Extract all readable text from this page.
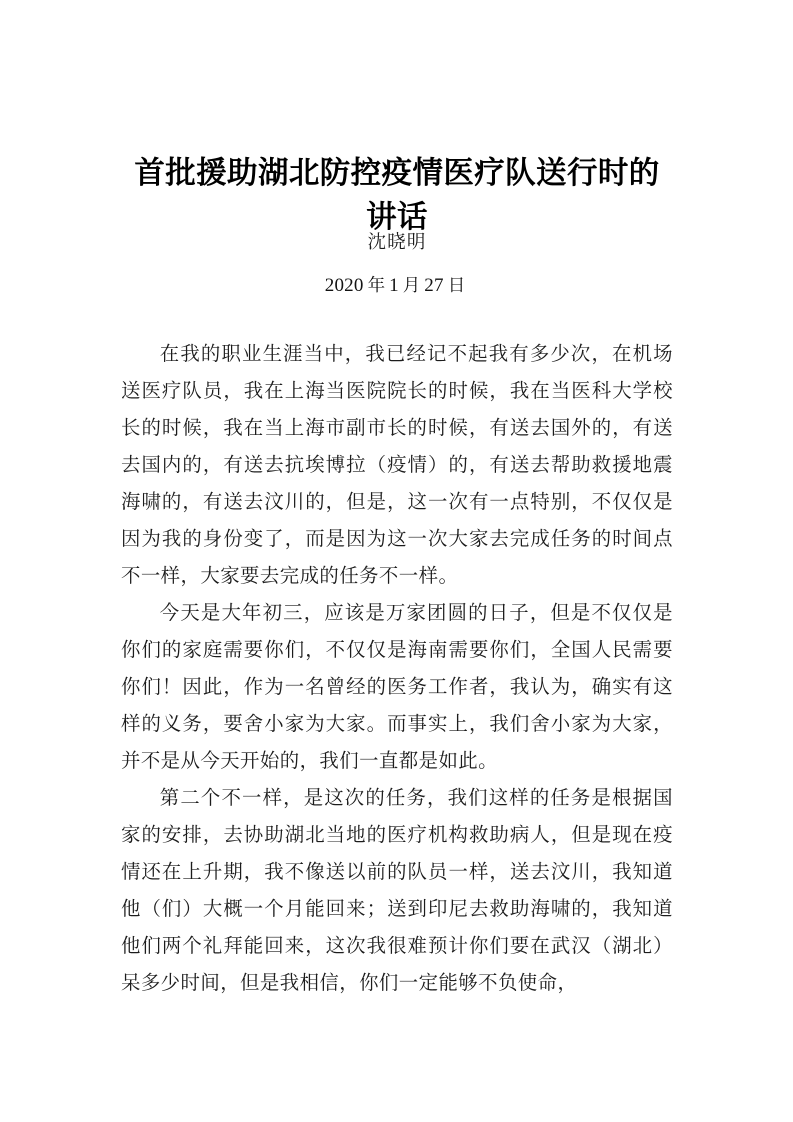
首批援助湖北防控疫情医疗队送行时的讲话
沈晓明
2020 年 1 月 27 日

在我的职业生涯当中，我已经记不起我有多少次，在机场送医疗队员，我在上海当医院院长的时候，我在当医科大学校长的时候，我在当上海市副市长的时候，有送去国外的，有送去国内的，有送去抗埃博拉（疫情）的，有送去帮助救援地震海啸的，有送去汶川的，但是，这一次有一点特别，不仅仅是因为我的身份变了，而是因为这一次大家去完成任务的时间点不一样，大家要去完成的任务不一样。

今天是大年初三，应该是万家团圆的日子，但是不仅仅是你们的家庭需要你们，不仅仅是海南需要你们，全国人民需要你们！因此，作为一名曾经的医务工作者，我认为，确实有这样的义务，要舍小家为大家。而事实上，我们舍小家为大家，并不是从今天开始的，我们一直都是如此。

第二个不一样，是这次的任务，我们这样的任务是根据国家的安排，去协助湖北当地的医疗机构救助病人，但是现在疫情还在上升期，我不像送以前的队员一样，送去汶川，我知道他（们）大概一个月能回来；送到印尼去救助海啸的，我知道他们两个礼拜能回来，这次我很难预计你们要在武汉（湖北）呆多少时间，但是我相信，你们一定能够不负使命，
